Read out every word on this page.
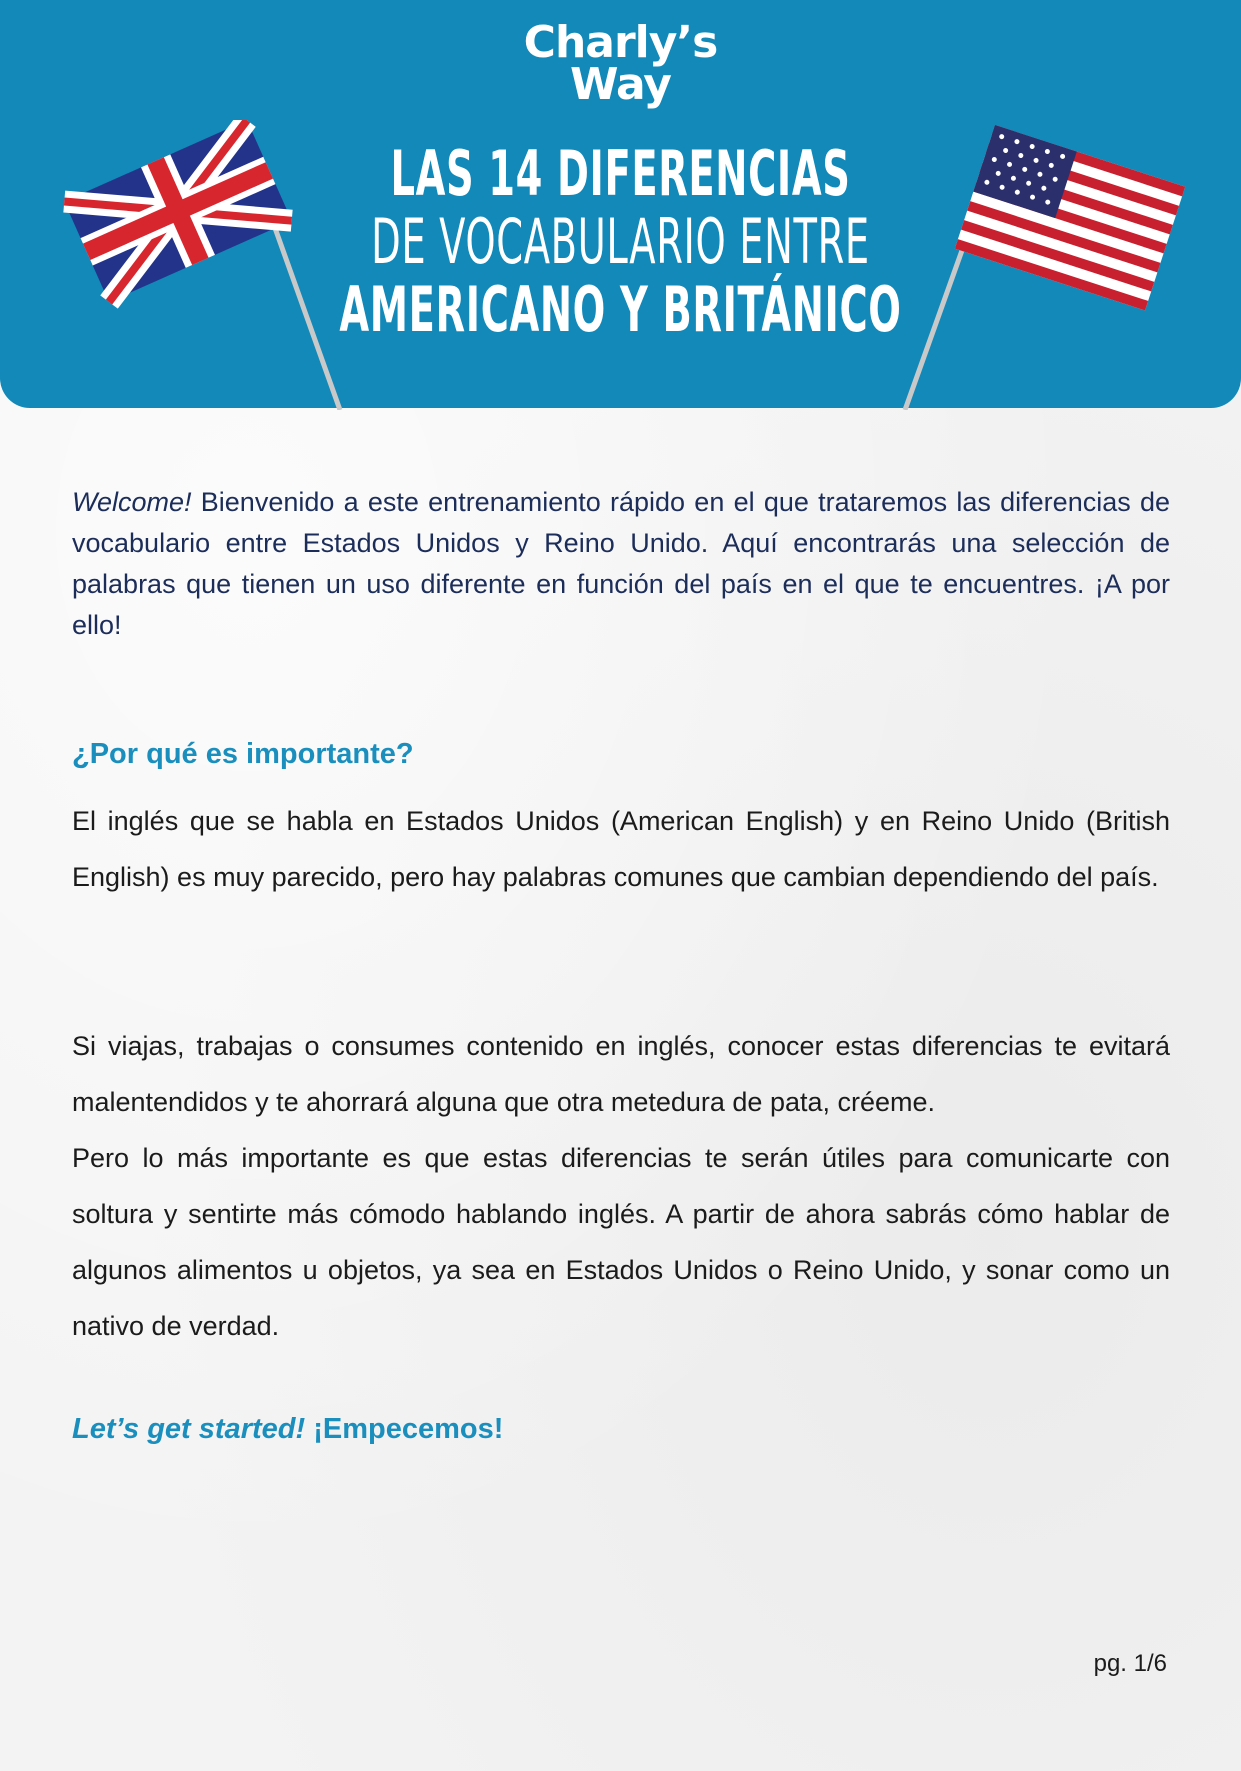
Charly’s
Way
LAS 14 DIFERENCIAS
DE VOCABULARIO ENTRE
AMERICANO Y BRITÁNICO
Welcome! Bienvenido a este entrenamiento rápido en el que trataremos las diferencias de vocabulario entre Estados Unidos y Reino Unido. Aquí encontrarás una selección de palabras que tienen un uso diferente en función del país en el que te encuentres. ¡A por ello!
¿Por qué es importante?
El inglés que se habla en Estados Unidos (American English) y en Reino Unido (British English) es muy parecido, pero hay palabras comunes que cambian dependiendo del país.
Si viajas, trabajas o consumes contenido en inglés, conocer estas diferencias te evitará malentendidos y te ahorrará alguna que otra metedura de pata, créeme.
Pero lo más importante es que estas diferencias te serán útiles para comunicarte con soltura y sentirte más cómodo hablando inglés. A partir de ahora sabrás cómo hablar de algunos alimentos u objetos, ya sea en Estados Unidos o Reino Unido, y sonar como un nativo de verdad.
Let’s get started! ¡Empecemos!
pg. 1/6
